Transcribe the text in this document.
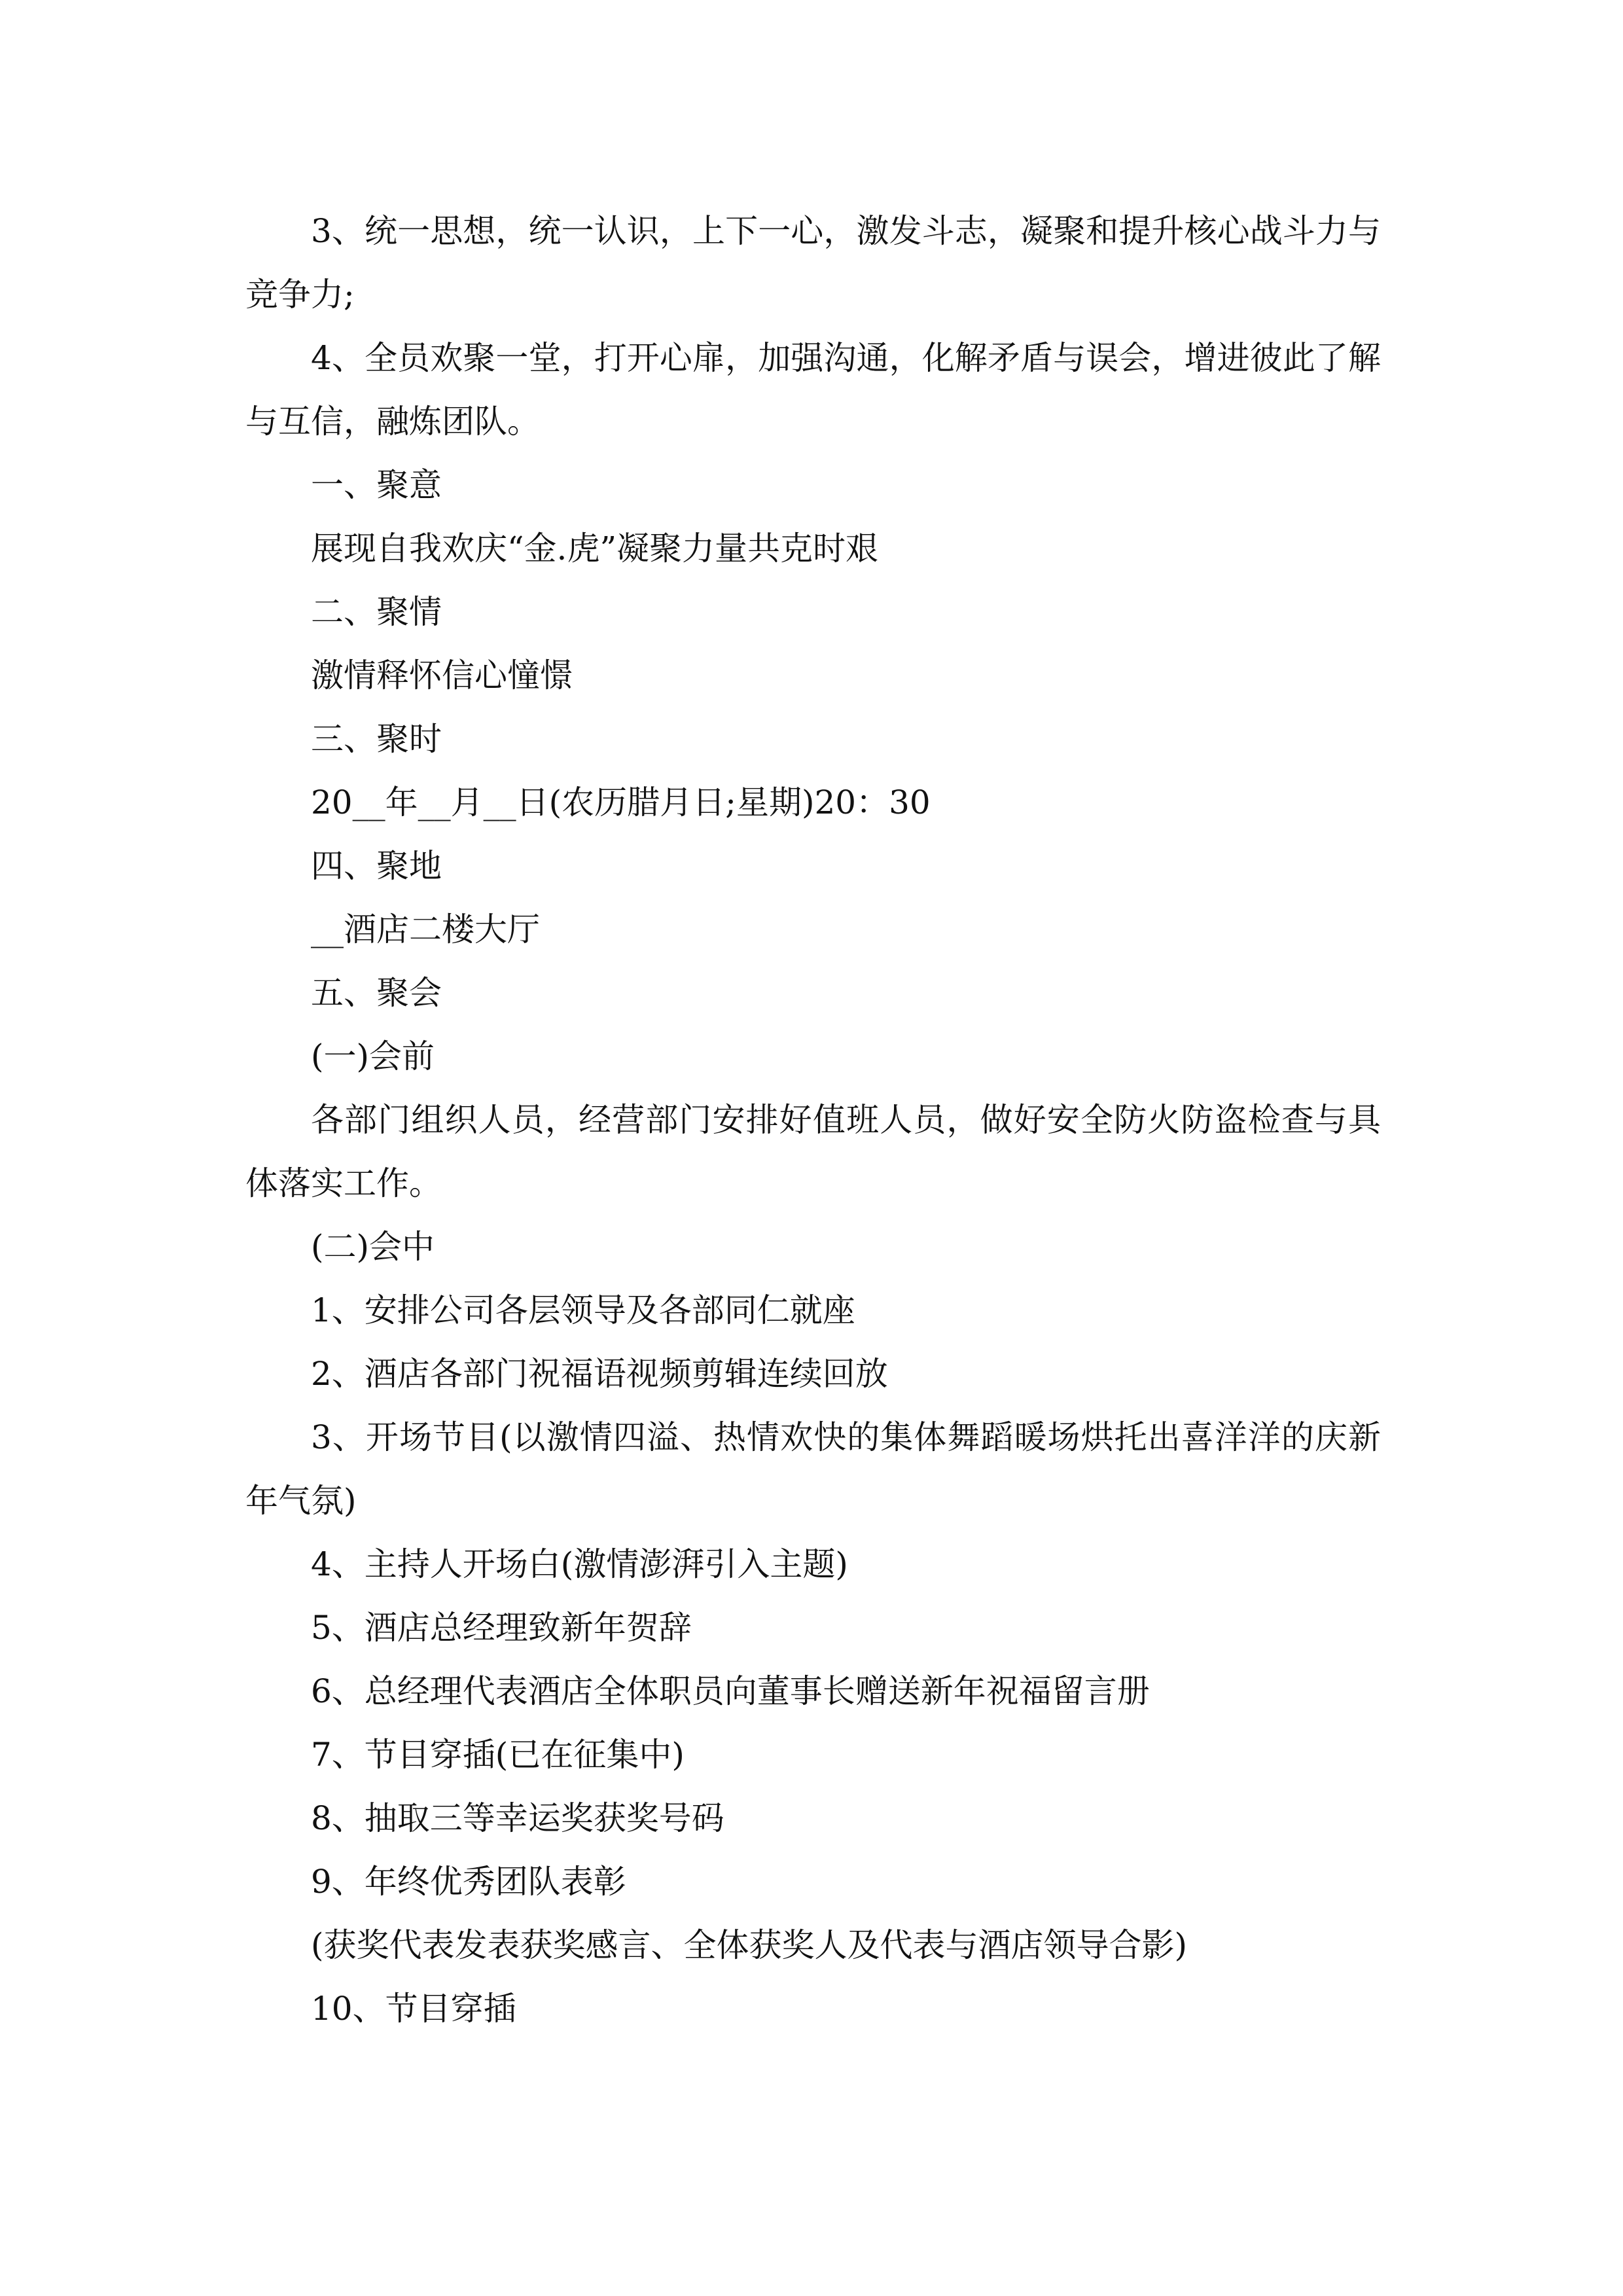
3、统一思想，统一认识，上下一心，激发斗志，凝聚和提升核心战斗力与竞争力;

4、全员欢聚一堂，打开心扉，加强沟通，化解矛盾与误会，增进彼此了解与互信，融炼团队。

一、聚意

展现自我欢庆“金.虎”凝聚力量共克时艰

二、聚情

激情释怀信心憧憬

三、聚时

20__年__月__日(农历腊月日;星期)20：30

四、聚地

__酒店二楼大厅

五、聚会

(一)会前

各部门组织人员，经营部门安排好值班人员，做好安全防火防盗检查与具体落实工作。

(二)会中

1、安排公司各层领导及各部同仁就座

2、酒店各部门祝福语视频剪辑连续回放

3、开场节目(以激情四溢、热情欢快的集体舞蹈暖场烘托出喜洋洋的庆新年气氛)

4、主持人开场白(激情澎湃引入主题)

5、酒店总经理致新年贺辞

6、总经理代表酒店全体职员向董事长赠送新年祝福留言册

7、节目穿插(已在征集中)

8、抽取三等幸运奖获奖号码

9、年终优秀团队表彰

(获奖代表发表获奖感言、全体获奖人及代表与酒店领导合影)

10、节目穿插
